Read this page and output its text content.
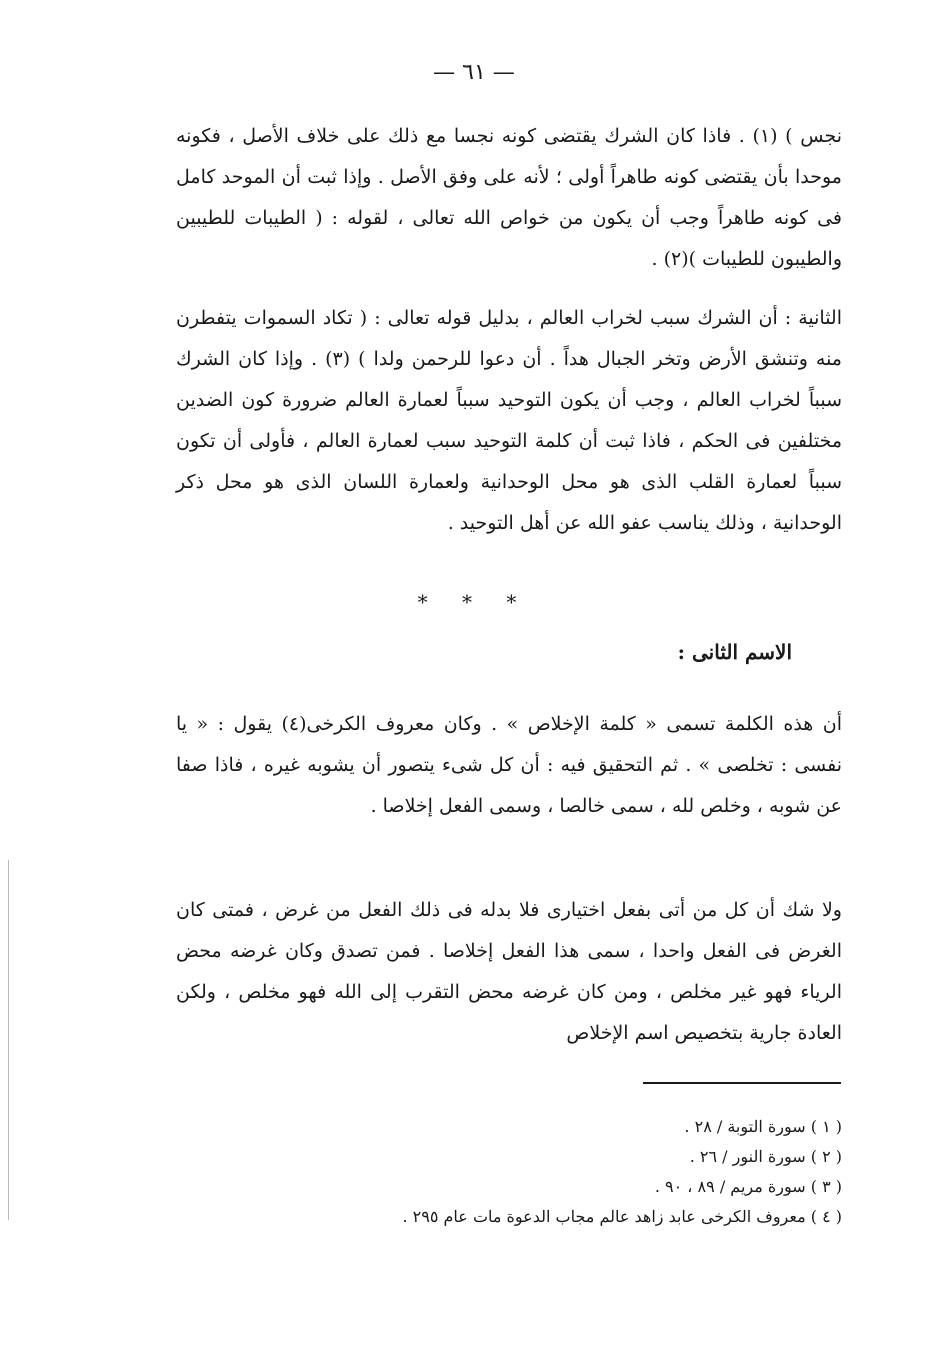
— ٦١ —

نجس ) (١) . فاذا كان الشرك يقتضى كونه نجسا مع ذلك على خلاف الأصل ، فكونه موحدا بأن يقتضى كونه طاهراً أولى ؛ لأنه على وفق الأصل . وإذا ثبت أن الموحد كامل فى كونه طاهراً وجب أن يكون من خواص الله تعالى ، لقوله : ( الطيبات للطيبين والطيبون للطيبات )(٢) .

الثانية : أن الشرك سبب لخراب العالم ، بدليل قوله تعالى : ( تكاد السموات يتفطرن منه وتنشق الأرض وتخر الجبال هداً . أن دعوا للرحمن ولدا ) (٣) . وإذا كان الشرك سبباً لخراب العالم ، وجب أن يكون التوحيد سبباً لعمارة العالم ضرورة كون الضدين مختلفين فى الحكم ، فاذا ثبت أن كلمة التوحيد سبب لعمارة العالم ، فأولى أن تكون سبباً لعمارة القلب الذى هو محل الوحدانية ولعمارة اللسان الذى هو محل ذكر الوحدانية ، وذلك يناسب عفو الله عن أهل التوحيد .

* * *
الاسم الثانى :

أن هذه الكلمة تسمى « كلمة الإخلاص » . وكان معروف الكرخى(٤) يقول : « يا نفسى : تخلصى » . ثم التحقيق فيه : أن كل شىء يتصور أن يشوبه غيره ، فاذا صفا عن شوبه ، وخلص لله ، سمى خالصا ، وسمى الفعل إخلاصا .

ولا شك أن كل من أتى بفعل اختيارى فلا بدله فى ذلك الفعل من غرض ، فمتى كان الغرض فى الفعل واحدا ، سمى هذا الفعل إخلاصا . فمن تصدق وكان غرضه محض الرياء فهو غير مخلص ، ومن كان غرضه محض التقرب إلى الله فهو مخلص ، ولكن العادة جارية بتخصيص اسم الإخلاص

( ١ ) سورة التوبة / ٢٨ .
( ٢ ) سورة النور / ٢٦ .
( ٣ ) سورة مريم / ٨٩ ، ٩٠ .
( ٤ ) معروف الكرخى عابد زاهد عالم مجاب الدعوة مات عام ٢٩٥ .
